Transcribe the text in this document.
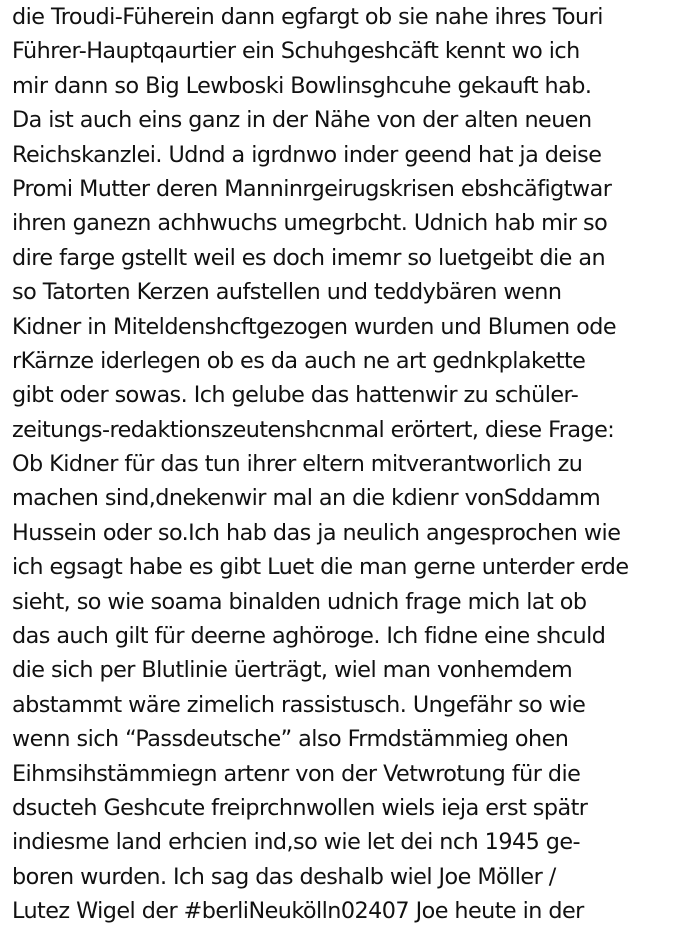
die Troudi-Füherein dann egfargt ob sie nahe ihres Touri
Führer-Hauptqaurtier ein Schuhgeshcäft kennt wo ich
mir dann so Big Lewboski Bowlinsghcuhe gekauft hab.
Da ist auch eins ganz in der Nähe von der alten neuen
Reichskanzlei. Udnd a igrdnwo inder geend hat ja deise
Promi Mutter deren Manninrgeirugskrisen ebshcäfigtwar
ihren ganezn achhwuchs umegrbcht. Udnich hab mir so
dire farge gstellt weil es doch imemr so luetgeibt die an
so Tatorten Kerzen aufstellen und teddybären wenn
Kidner in Miteldenshcftgezogen wurden und Blumen ode
rKärnze iderlegen ob es da auch ne art gednkplakette
gibt oder sowas. Ich gelube das hattenwir zu schüler-
zeitungs-redaktionszeutenshcnmal erörtert, diese Frage:
Ob Kidner für das tun ihrer eltern mitverantworlich zu
machen sind,dnekenwir mal an die kdienr vonSddamm
Hussein oder so.Ich hab das ja neulich angesprochen wie
ich egsagt habe es gibt Luet die man gerne unterder erde
sieht, so wie soama binalden udnich frage mich lat ob
das auch gilt für deerne aghöroge. Ich fidne eine shculd
die sich per Blutlinie üerträgt, wiel man vonhemdem
abstammt wäre zimelich rassistusch. Ungefähr so wie
wenn sich “Passdeutsche” also Frmdstämmieg ohen
Eihmsihstämmiegn artenr von der Vetwrotung für die
dsucteh Geshcute freiprchnwollen wiels ieja erst spätr
indiesme land erhcien ind,so wie let dei nch 1945 ge-
boren wurden. Ich sag das deshalb wiel Joe Möller /
Lutez Wigel der #berliNeukölln02407 Joe heute in der
